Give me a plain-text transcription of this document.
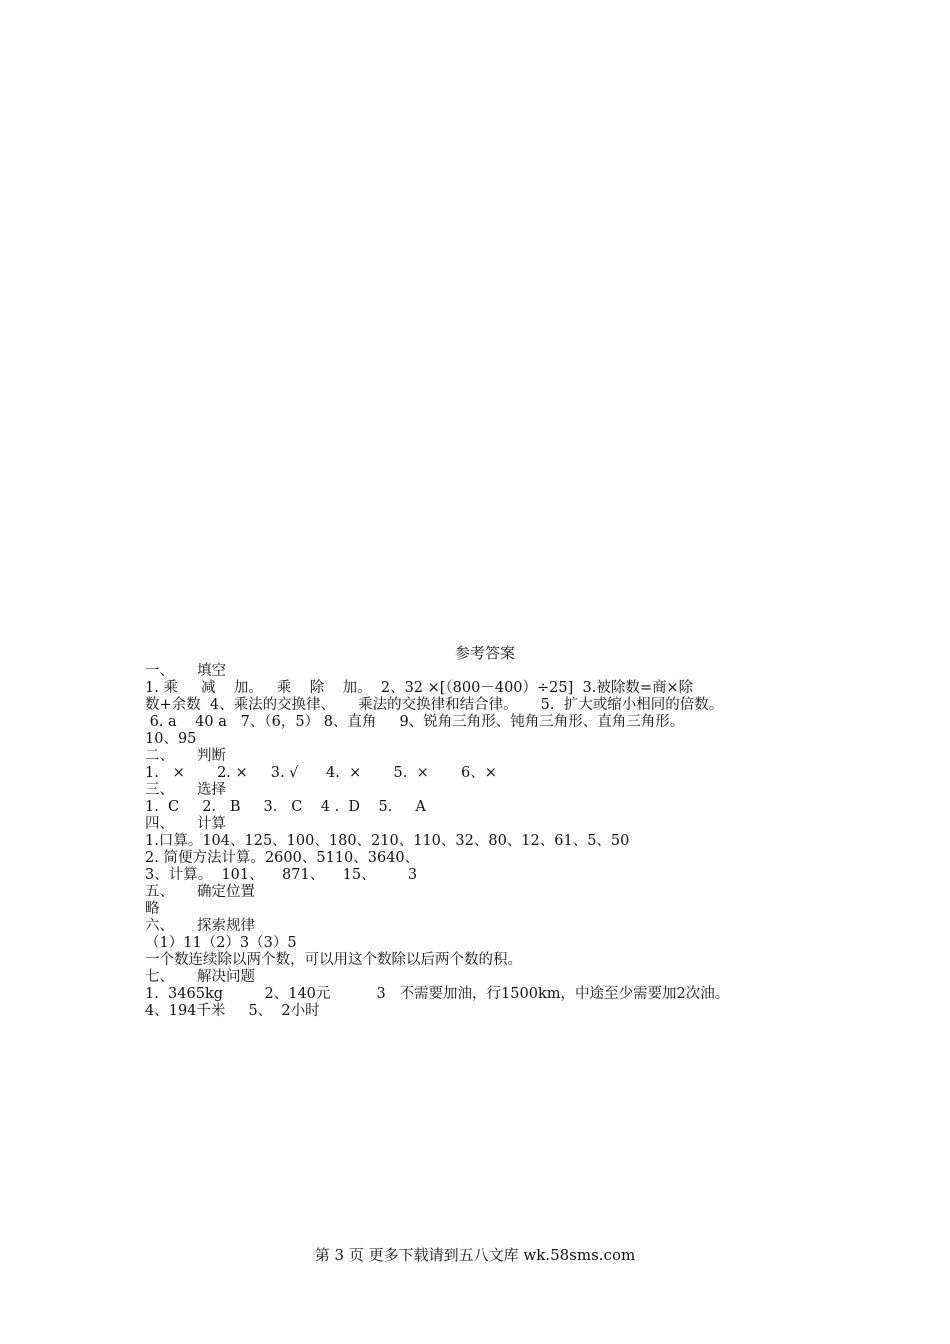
参考答案
一、     填空
1. 乘     减    加。   乘    除    加。  2、32 ×[（800－400）÷25]  3.被除数=商×除
数+余数  4、乘法的交换律、     乘法的交换律和结合律。     5.  扩大或缩小相同的倍数。
6. a    40 a   7、（6，5） 8、直角     9、锐角三角形、钝角三角形、直角三角形。
10、95
二、     判断
1.   ×       2. ×     3. √      4.  ×       5.  ×       6、×
三、     选择
1.  C     2.   B     3.   C    4 .  D    5.     A
四、     计算
1.口算。104、125、100、180、210、110、32、80、12、61、5、50
2. 简便方法计算。2600、5110、3640、
3、计算。  101、    871、    15、       3
五、     确定位置
略
六、     探索规律
（1）11（2）3（3）5
一个数连续除以两个数，可以用这个数除以后两个数的积。
七、     解决问题
1.  3465kg         2、140元          3   不需要加油，行1500km，中途至少需要加2次油。
4、194千米     5、  2小时
第 3 页 更多下载请到五八文库 wk.58sms.com
